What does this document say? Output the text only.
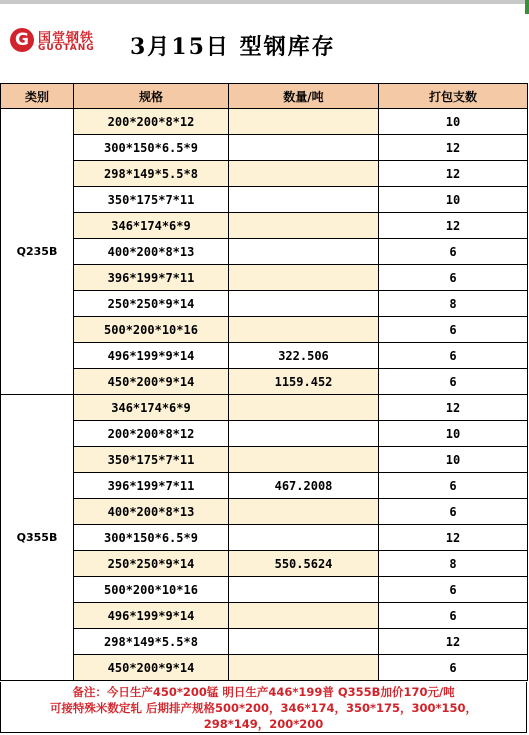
G 国堂钢铁
GUOTANG 3月15日 型钢库存
类别	规格	数量/吨	打包支数
Q235B	200*200*8*12		10
	300*150*6.5*9		12
	298*149*5.5*8		12
	350*175*7*11		10
	346*174*6*9		12
	400*200*8*13		6
	396*199*7*11		6
	250*250*9*14		8
	500*200*10*16		6
	496*199*9*14	322.506	6
	450*200*9*14	1159.452	6
Q355B	346*174*6*9		12
	200*200*8*12		10
	350*175*7*11		10
	396*199*7*11	467.2008	6
	400*200*8*13		6
	300*150*6.5*9		12
	250*250*9*14	550.5624	8
	500*200*10*16		6
	496*199*9*14		6
	298*149*5.5*8		12
	450*200*9*14		6
备注：今日生产450*200锰 明日生产446*199普 Q355B加价170元/吨
可接特殊米数定轧 后期排产规格500*200，346*174，350*175，300*150，
298*149，200*200
